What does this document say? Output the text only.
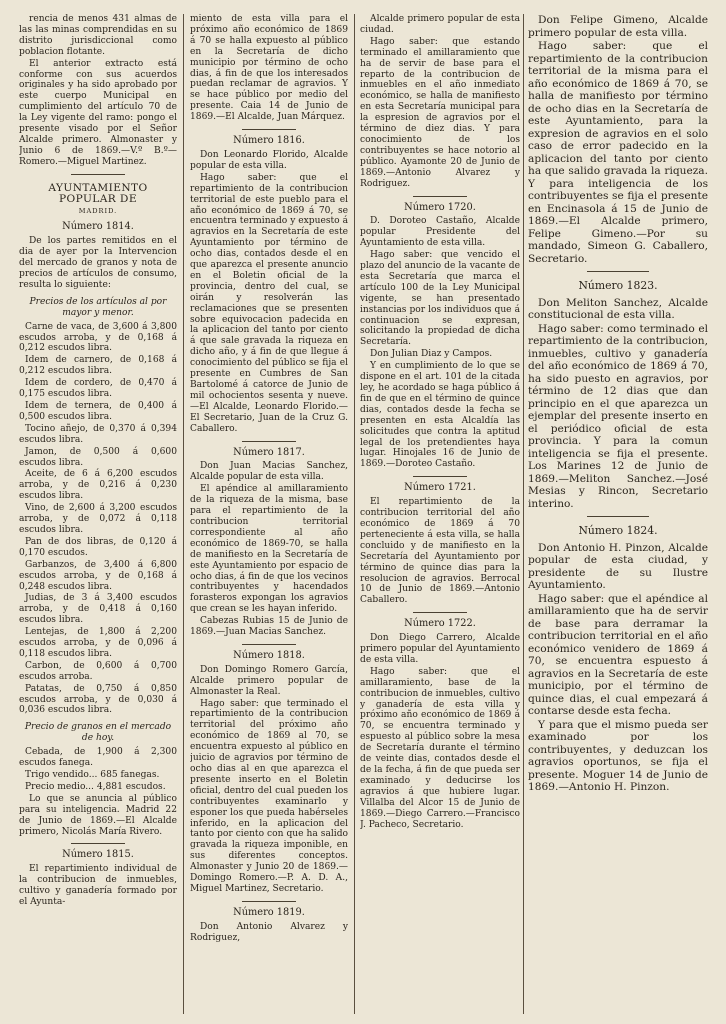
rencia de menos 431 almas de las las minas comprendidas en su distrito jurisdiccional como poblacion flotante.

El anterior extracto está conforme con sus acuerdos originales y ha sido aprobado por este cuerpo Municipal en cumplimiento del artículo 70 de la Ley vigente del ramo: pongo el presente visado por el Señor Alcalde primero. Almonaster y Junio 6 de 1869.—V.º B.º—Romero.—Miguel Martinez.

AYUNTAMIENTO POPULAR DE

MADRID.

Número 1814.

De los partes remitidos en el dia de ayer por la Intervencion del mercado de granos y nota de precios de artículos de consumo, resulta lo siguiente:

Precios de los artículos al por mayor y menor.

Carne de vaca, de 3,600 á 3,800 escudos arroba, y de 0,168 á 0,212 escudos libra.

Idem de carnero, de 0,168 á 0,212 escudos libra.

Idem de cordero, de 0,470 á 0,175 escudos libra.

Idem de ternera, de 0,400 á 0,500 escudos libra.

Tocino añejo, de 0,370 á 0,394 escudos libra.

Jamon, de 0,500 á 0,600 escudos libra.

Aceite, de 6 á 6,200 escudos arroba, y de 0,216 á 0,230 escudos libra.

Vino, de 2,600 á 3,200 escudos arroba, y de 0,072 á 0,118 escudos libra.

Pan de dos libras, de 0,120 á 0,170 escudos.

Garbanzos, de 3,400 á 6,800 escudos arroba, y de 0,168 á 0,248 escudos libra.

Judias, de 3 á 3,400 escudos arroba, y de 0,418 á 0,160 escudos libra.

Lentejas, de 1,800 á 2,200 escudos arroba, y de 0,096 á 0,118 escudos libra.

Carbon, de 0,600 á 0,700 escudos arroba.

Patatas, de 0,750 á 0,850 escudos arroba, y de 0,030 á 0,036 escudos libra.

Precio de granos en el mercado de hoy.

Cebada, de 1,900 á 2,300 escudos fanega.

Trigo vendido... 685 fanegas.

Precio medio... 4,881 escudos.

Lo que se anuncia al público para su inteligencia. Madrid 22 de Junio de 1869.—El Alcalde primero, Nicolás María Rivero.

Número 1815.

El repartimiento individual de la contribucion de inmuebles, cultivo y ganadería formado por el Ayunta-

miento de esta villa para el próximo año económico de 1869 á 70 se halla expuesto al público en la Secretaría de dicho municipio por término de ocho dias, á fin de que los interesados puedan reclamar de agravios. Y se hace público por medio del presente. Caia 14 de Junio de 1869.—El Alcalde, Juan Márquez.

Número 1816.

Don Leonardo Florido, Alcalde popular de esta villa.

Hago saber: que el repartimiento de la contribucion territorial de este pueblo para el año económico de 1869 á 70, se encuentra terminado y expuesto á agravios en la Secretaría de este Ayuntamiento por término de ocho dias, contados desde el en que aparezca el presente anuncio en el Boletin oficial de la provincia, dentro del cual, se oirán y resolverán las reclamaciones que se presenten sobre equivocacion padecida en la aplicacion del tanto por ciento á que sale gravada la riqueza en dicho año, y á fin de que llegue á conocimiento del público se fija el presente en Cumbres de San Bartolomé á catorce de Junio de mil ochocientos sesenta y nueve.—El Alcalde, Leonardo Florido.—El Secretario, Juan de la Cruz G. Caballero.

Número 1817.

Don Juan Macias Sanchez, Alcalde popular de esta villa.

El apéndice al amillaramiento de la riqueza de la misma, base para el repartimiento de la contribucion territorial correspondiente al año económico de 1869-70, se halla de manifiesto en la Secretaría de este Ayuntamiento por espacio de ocho dias, á fin de que los vecinos contribuyentes y hacendados forasteros expongan los agravios que crean se les hayan inferido.

Cabezas Rubias 15 de Junio de 1869.—Juan Macias Sanchez.

Número 1818.

Don Domingo Romero García, Alcalde primero popular de Almonaster la Real.

Hago saber: que terminado el repartimiento de la contribucion territorial del próximo año económico de 1869 al 70, se encuentra expuesto al público en juicio de agravios por término de ocho dias al en que aparezca el presente inserto en el Boletin oficial, dentro del cual pueden los contribuyentes examinarlo y esponer los que pueda habérseles inferido, en la aplicacion del tanto por ciento con que ha salido gravada la riqueza imponible, en sus diferentes conceptos. Almonaster y Junio 20 de 1869.—Domingo Romero.—P. A. D. A., Miguel Martinez, Secretario.

Número 1819.

Don Antonio Alvarez y Rodriguez,

Alcalde primero popular de esta ciudad.

Hago saber: que estando terminado el amillaramiento que ha de servir de base para el reparto de la contribucion de inmuebles en el año inmediato económico, se halla de manifiesto en esta Secretaría municipal para la espresion de agravios por el término de diez dias. Y para conocimiento de los contribuyentes se hace notorio al público. Ayamonte 20 de Junio de 1869.—Antonio Alvarez y Rodriguez.

Número 1720.

D. Doroteo Castaño, Alcalde popular Presidente del Ayuntamiento de esta villa.

Hago saber: que vencido el plazo del anuncio de la vacante de esta Secretaría que marca el artículo 100 de la Ley Municipal vigente, se han presentado instancias por los individuos que á continuacion se expresan, solicitando la propiedad de dicha Secretaría.

Don Julian Diaz y Campos.

Y en cumplimiento de lo que se dispone en el art. 101 de la citada ley, he acordado se haga público á fin de que en el término de quince dias, contados desde la fecha se presenten en esta Alcaldía las solicitudes que contra la aptitud legal de los pretendientes haya lugar. Hinojales 16 de Junio de 1869.—Doroteo Castaño.

Número 1721.

El repartimiento de la contribucion territorial del año económico de 1869 á 70 perteneciente á esta villa, se halla concluido y de manifiesto en la Secretaría del Ayuntamiento por término de quince dias para la resolucion de agravios. Berrocal 10 de Junio de 1869.—Antonio Caballero.

Número 1722.

Don Diego Carrero, Alcalde primero popular del Ayuntamiento de esta villa.

Hago saber: que el amillaramiento, base de la contribucion de inmuebles, cultivo y ganadería de esta villa y próximo año económico de 1869 á 70, se encuentra terminado y espuesto al público sobre la mesa de Secretaría durante el término de veinte dias, contados desde el de la fecha, á fin de que pueda ser examinado y deducirse los agravios á que hubiere lugar. Villalba del Alcor 15 de Junio de 1869.—Diego Carrero.—Francisco J. Pacheco, Secretario.

Don Felipe Gimeno, Alcalde primero popular de esta villa.

Hago saber: que el repartimiento de la contribucion territorial de la misma para el año económico de 1869 á 70, se halla de manifiesto por término de ocho dias en la Secretaría de este Ayuntamiento, para la expresion de agravios en el solo caso de error padecido en la aplicacion del tanto por ciento ha que salido gravada la riqueza. Y para inteligencia de los contribuyentes se fija el presente en Encinasola á 15 de Junio de 1869.—El Alcalde primero, Felipe Gimeno.—Por su mandado, Simeon G. Caballero, Secretario.

Número 1823.

Don Meliton Sanchez, Alcalde constitucional de esta villa.

Hago saber: como terminado el repartimiento de la contribucion, inmuebles, cultivo y ganadería del año económico de 1869 á 70, ha sido puesto en agravios, por término de 12 dias que dan principio en el que aparezca un ejemplar del presente inserto en el periódico oficial de esta provincia. Y para la comun inteligencia se fija el presente. Los Marines 12 de Junio de 1869.—Meliton Sanchez.—José Mesias y Rincon, Secretario interino.

Número 1824.

Don Antonio H. Pinzon, Alcalde popular de esta ciudad, y presidente de su Ilustre Ayuntamiento.

Hago saber: que el apéndice al amillaramiento que ha de servir de base para derramar la contribucion territorial en el año económico venidero de 1869 á 70, se encuentra espuesto á agravios en la Secretaría de este municipio, por el término de quince dias, el cual empezará á contarse desde esta fecha.

Y para que el mismo pueda ser examinado por los contribuyentes, y deduzcan los agravios oportunos, se fija el presente. Moguer 14 de Junio de 1869.—Antonio H. Pinzon.
